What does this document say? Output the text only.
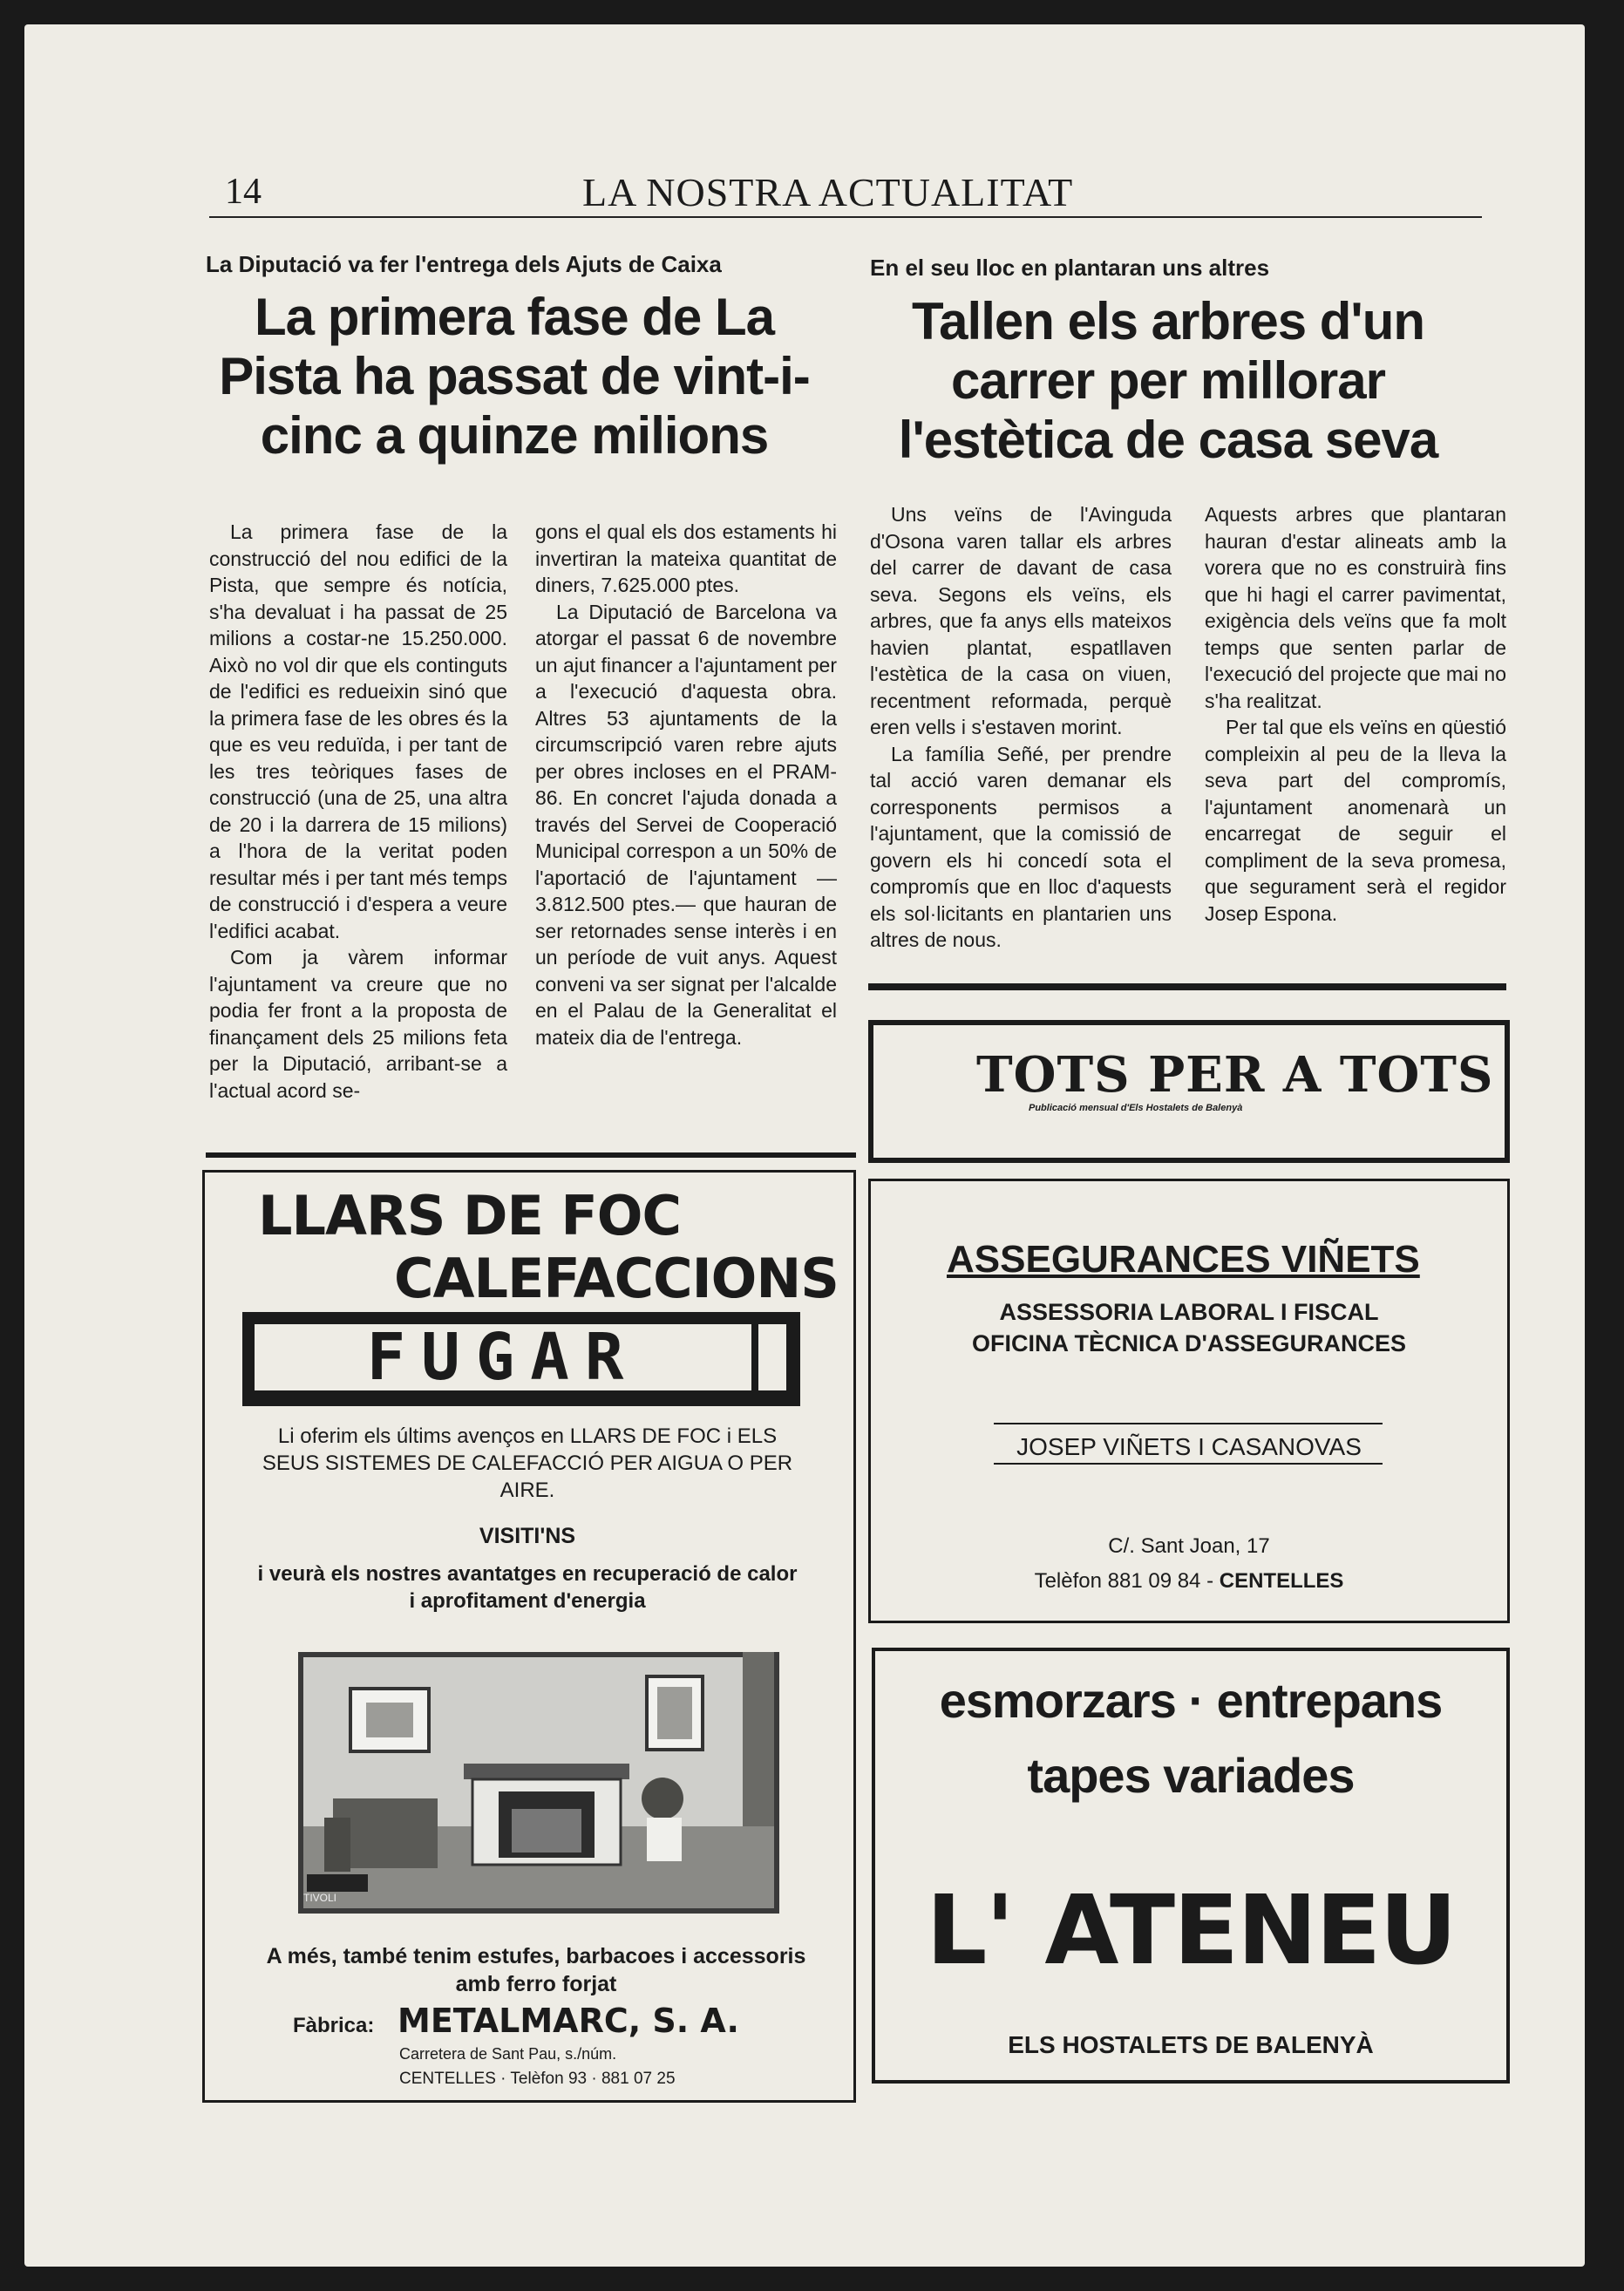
14	LA NOSTRA ACTUALITAT
La Diputació va fer l'entrega dels Ajuts de Caixa
La primera fase de La Pista ha passat de vint-i-cinc a quinze milions

La primera fase de la construcció del nou edifici de la Pista, que sempre és notícia, s'ha devaluat i ha passat de 25 milions a costar-ne 15.250.000. Això no vol dir que els continguts de l'edifici es redueixin sinó que la primera fase de les obres és la que es veu reduïda, i per tant de les tres teòriques fases de construcció (una de 25, una altra de 20 i la darrera de 15 milions) a l'hora de la veritat poden resultar més i per tant més temps de construcció i d'espera a veure l'edifici acabat.

Com ja vàrem informar l'ajuntament va creure que no podia fer front a la proposta de finançament dels 25 milions feta per la Diputació, arribant-se a l'actual acord se-

gons el qual els dos estaments hi invertiran la mateixa quantitat de diners, 7.625.000 ptes.

La Diputació de Barcelona va atorgar el passat 6 de novembre un ajut financer a l'ajuntament per a l'execució d'aquesta obra. Altres 53 ajuntaments de la circumscripció varen rebre ajuts per obres incloses en el PRAM-86. En concret l'ajuda donada a través del Servei de Cooperació Municipal correspon a un 50% de l'aportació de l'ajuntament —3.812.500 ptes.— que hauran de ser retornades sense interès i en un període de vuit anys. Aquest conveni va ser signat per l'alcalde en el Palau de la Generalitat el mateix dia de l'entrega.

En el seu lloc en plantaran uns altres
Tallen els arbres d'un carrer per millorar l'estètica de casa seva

Uns veïns de l'Avinguda d'Osona varen tallar els arbres del carrer de davant de casa seva. Segons els veïns, els arbres, que fa anys ells mateixos havien plantat, espatllaven l'estètica de la casa on viuen, recentment reformada, perquè eren vells i s'estaven morint.

La família Señé, per prendre tal acció varen demanar els corresponents permisos a l'ajuntament, que la comissió de govern els hi concedí sota el compromís que en lloc d'aquests els sol·licitants en plantarien uns altres de nous.

Aquests arbres que plantaran hauran d'estar alineats amb la vorera que no es construirà fins que hi hagi el carrer pavimentat, exigència dels veïns que fa molt temps que senten parlar de l'execució del projecte que mai no s'ha realitzat.

Per tal que els veïns en qüestió compleixin al peu de la lleva la seva part del compromís, l'ajuntament anomenarà un encarregat de seguir el compliment de la seva promesa, que segurament serà el regidor Josep Espona.

LLARS DE FOC
CALEFACCIONS
FUGAR
Li oferim els últims avenços en LLARS DE FOC i ELS SEUS SISTEMES DE CALEFACCIÓ PER AIGUA O PER AIRE.
VISITI'NS
i veurà els nostres avantatges en recuperació de calor i aprofitament d'energia
TIVOLI
A més, també tenim estufes, barbacoes i accessoris amb ferro forjat
Fàbrica: METALMARC, S. A.
Carretera de Sant Pau, s./núm.
CENTELLES · Telèfon 93 · 881 07 25
TOTS PER A TOTS
Publicació mensual d'Els Hostalets de Balenyà
ASSEGURANCES VIÑETS
ASSESSORIA LABORAL I FISCAL
OFICINA TÈCNICA D'ASSEGURANCES
JOSEP VIÑETS I CASANOVAS
C/. Sant Joan, 17
Telèfon 881 09 84 - CENTELLES
esmorzars · entrepans
tapes variades
L' ATENEU
ELS HOSTALETS DE BALENYÀ
